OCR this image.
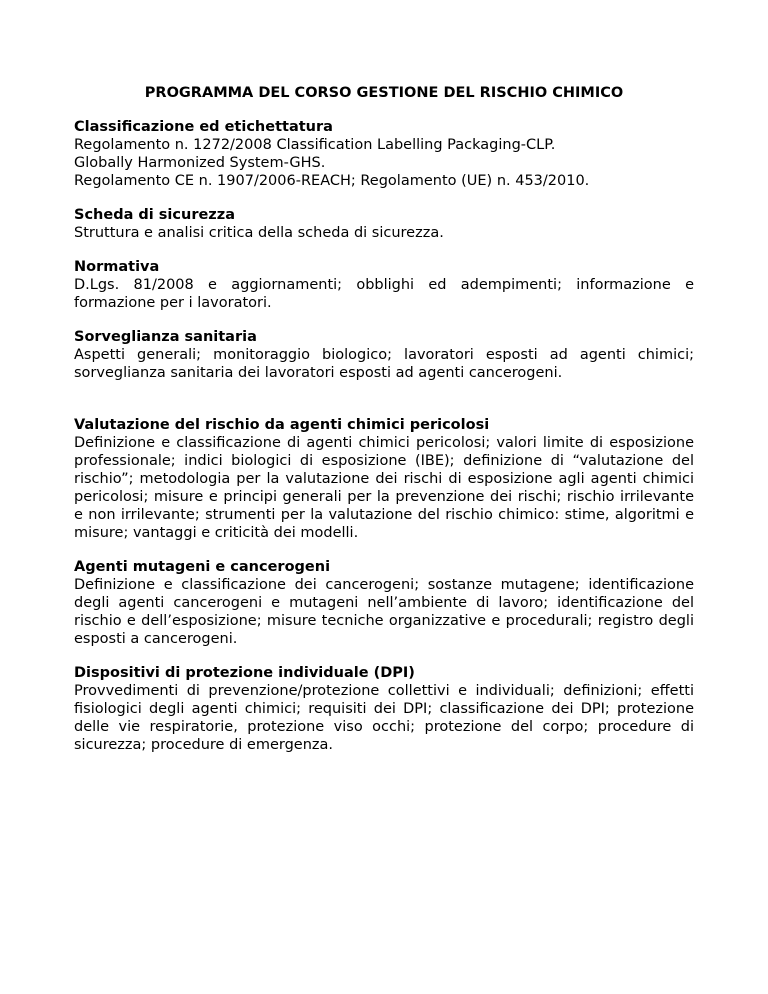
PROGRAMMA DEL CORSO GESTIONE DEL RISCHIO CHIMICO
Classificazione ed etichettatura
Regolamento n. 1272/2008 Classification Labelling Packaging-CLP.
Globally Harmonized System-GHS.
Regolamento CE n. 1907/2006-REACH; Regolamento (UE) n. 453/2010.
Scheda di sicurezza
Struttura e analisi critica della scheda di sicurezza.
Normativa
D.Lgs. 81/2008 e aggiornamenti; obblighi ed adempimenti; informazione e formazione per i lavoratori.
Sorveglianza sanitaria
Aspetti generali; monitoraggio biologico; lavoratori esposti ad agenti chimici; sorveglianza sanitaria dei lavoratori esposti ad agenti cancerogeni.
Valutazione del rischio da agenti chimici pericolosi
Definizione e classificazione di agenti chimici pericolosi; valori limite di esposizione professionale; indici biologici di esposizione (IBE); definizione di “valutazione del rischio”; metodologia per la valutazione dei rischi di esposizione agli agenti chimici pericolosi; misure e principi generali per la prevenzione dei rischi; rischio irrilevante e non irrilevante; strumenti per la valutazione del rischio chimico: stime, algoritmi e misure; vantaggi e criticità dei modelli.
Agenti mutageni e cancerogeni
Definizione e classificazione dei cancerogeni; sostanze mutagene; identificazione degli agenti cancerogeni e mutageni nell’ambiente di lavoro; identificazione del rischio e dell’esposizione; misure tecniche organizzative e procedurali; registro degli esposti a cancerogeni.
Dispositivi di protezione individuale (DPI)
Provvedimenti di prevenzione/protezione collettivi e individuali; definizioni; effetti fisiologici degli agenti chimici; requisiti dei DPI; classificazione dei DPI; protezione delle vie respiratorie, protezione viso occhi; protezione del corpo; procedure di sicurezza; procedure di emergenza.
